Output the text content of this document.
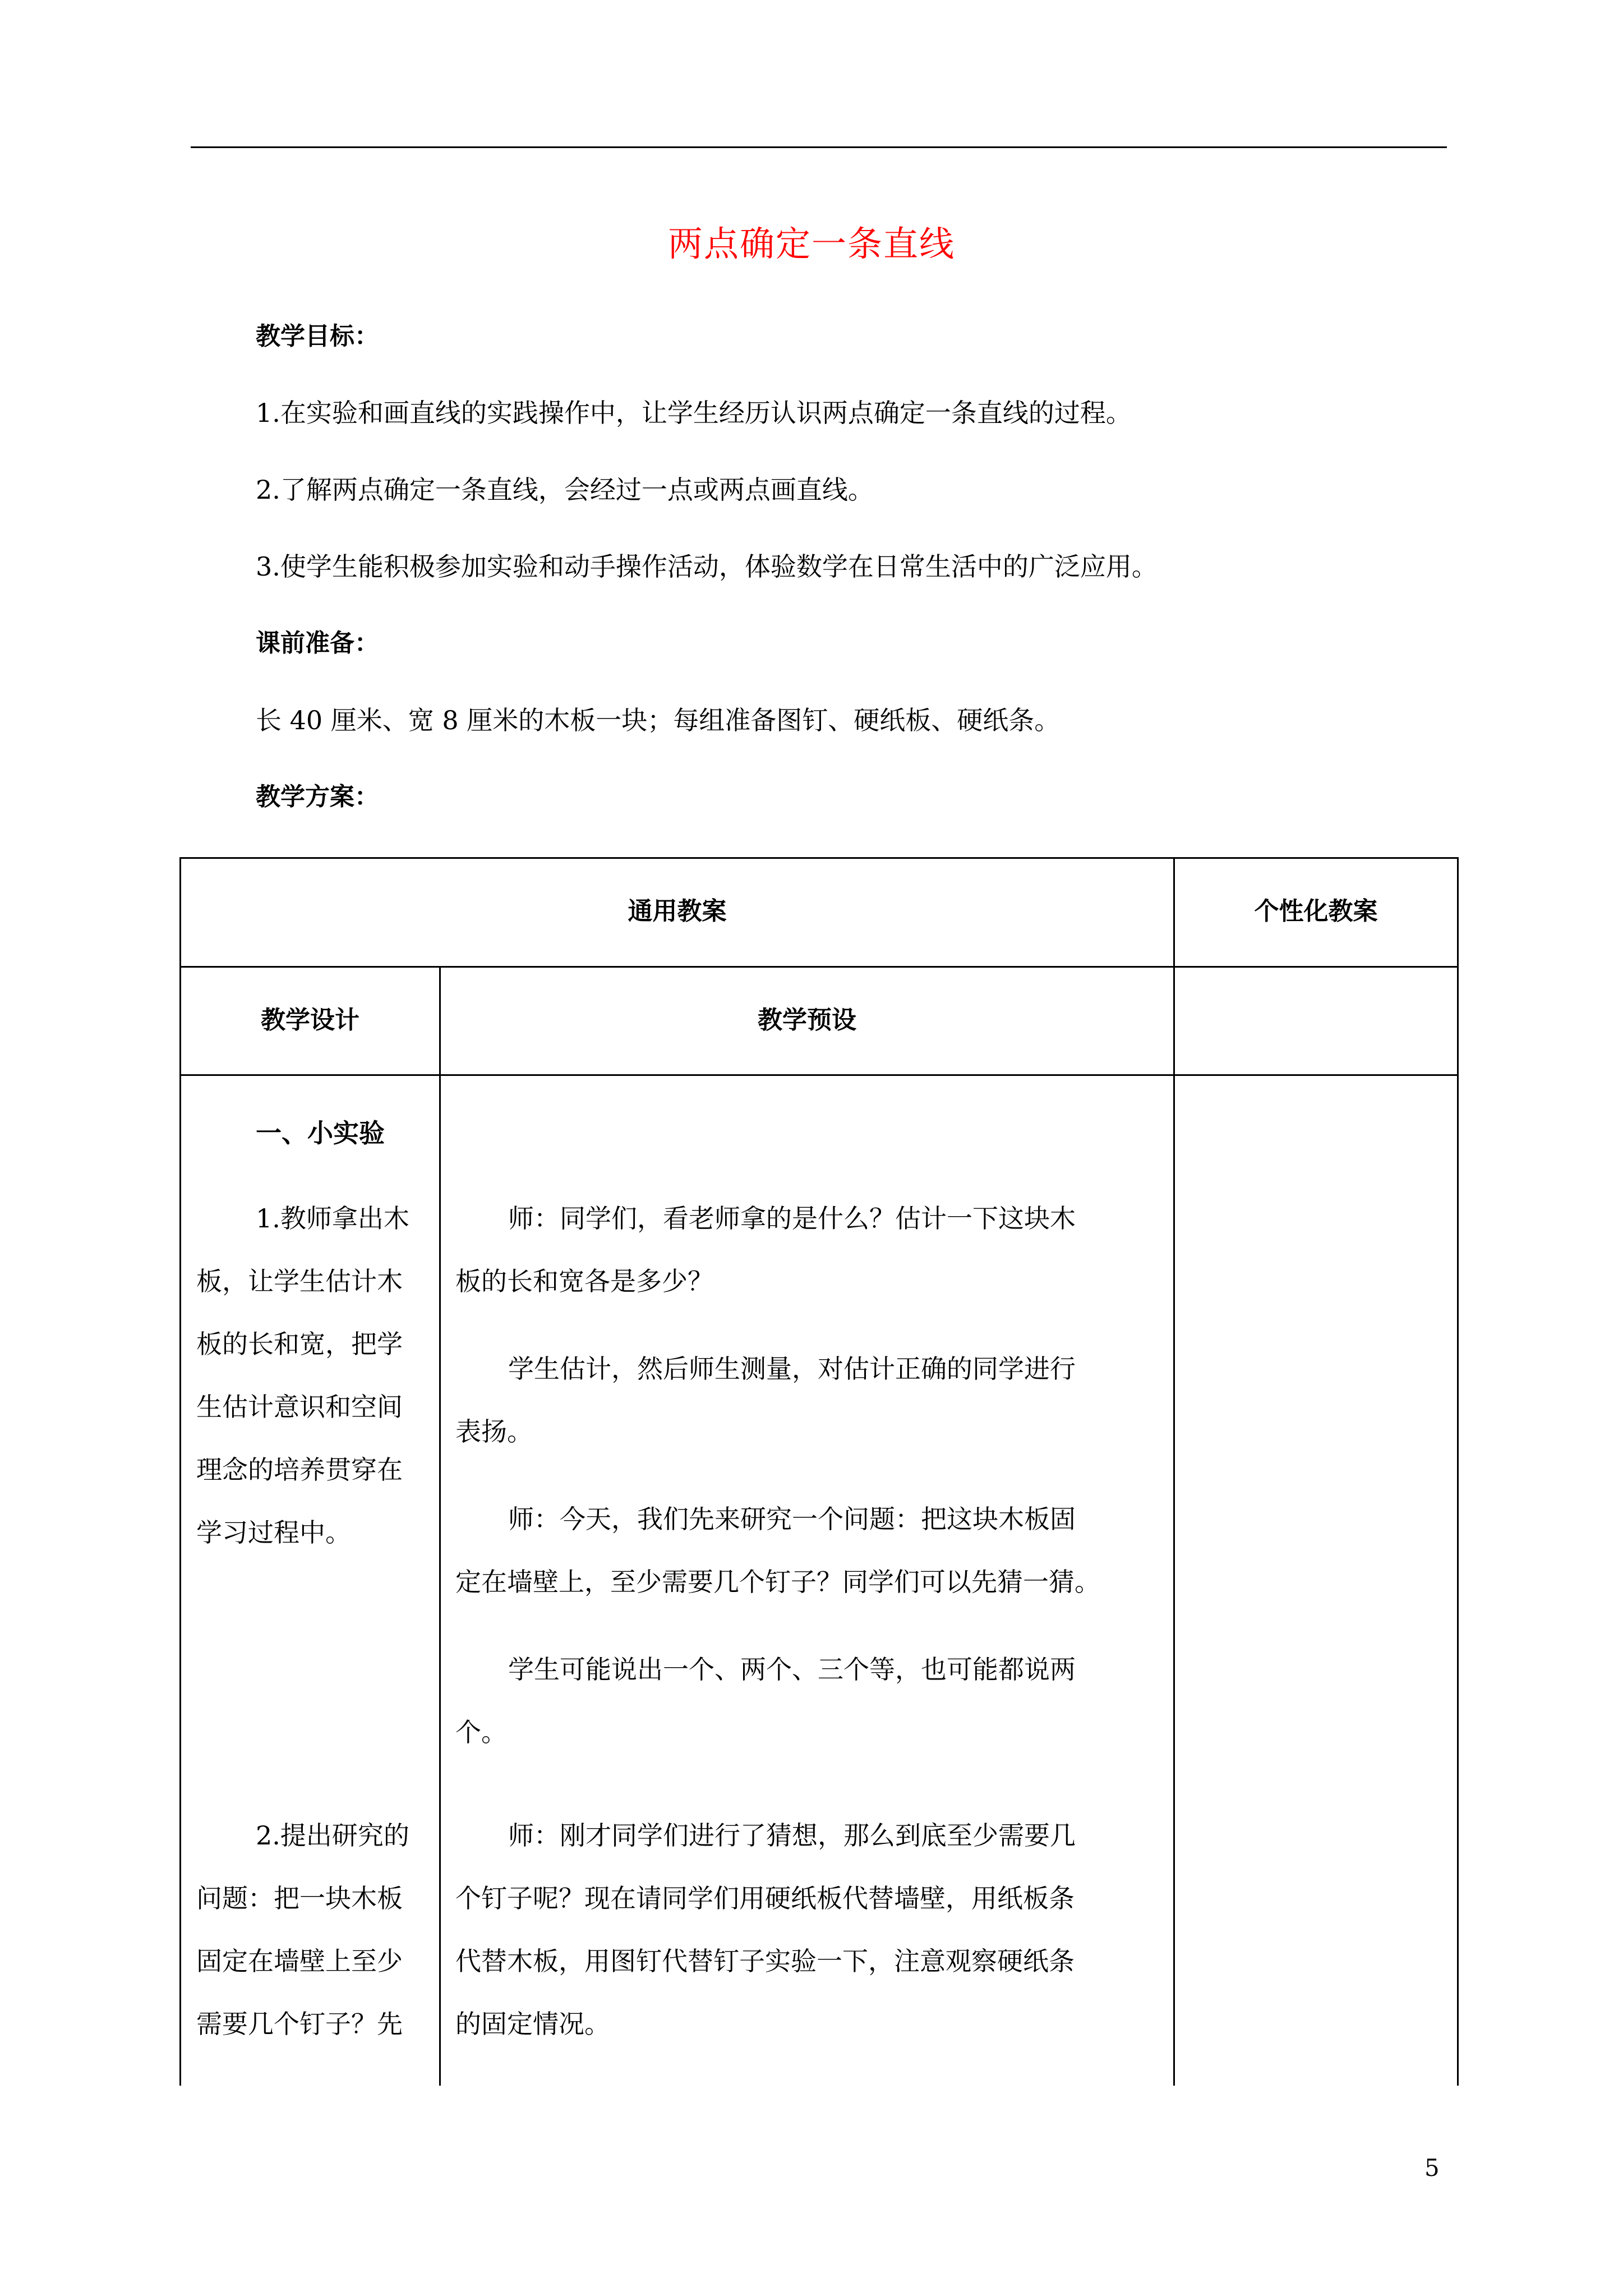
两点确定一条直线
教学目标：
1.在实验和画直线的实践操作中，让学生经历认识两点确定一条直线的过程。
2.了解两点确定一条直线，会经过一点或两点画直线。
3.使学生能积极参加实验和动手操作活动，体验数学在日常生活中的广泛应用。
课前准备：
长 40 厘米、宽 8 厘米的木板一块；每组准备图钉、硬纸板、硬纸条。
教学方案：
通用教案	个性化教案
教学设计	教学预设
一、小实验
1.教师拿出木
板，让学生估计木
板的长和宽，把学
生估计意识和空间
理念的培养贯穿在
学习过程中。
2.提出研究的
问题：把一块木板
固定在墙壁上至少
需要几个钉子？先
师：同学们，看老师拿的是什么？估计一下这块木
板的长和宽各是多少？
学生估计，然后师生测量，对估计正确的同学进行
表扬。
师：今天，我们先来研究一个问题：把这块木板固
定在墙壁上，至少需要几个钉子？同学们可以先猜一猜。
学生可能说出一个、两个、三个等，也可能都说两
个。
师：刚才同学们进行了猜想，那么到底至少需要几
个钉子呢？现在请同学们用硬纸板代替墙壁，用纸板条
代替木板，用图钉代替钉子实验一下，注意观察硬纸条
的固定情况。
5
